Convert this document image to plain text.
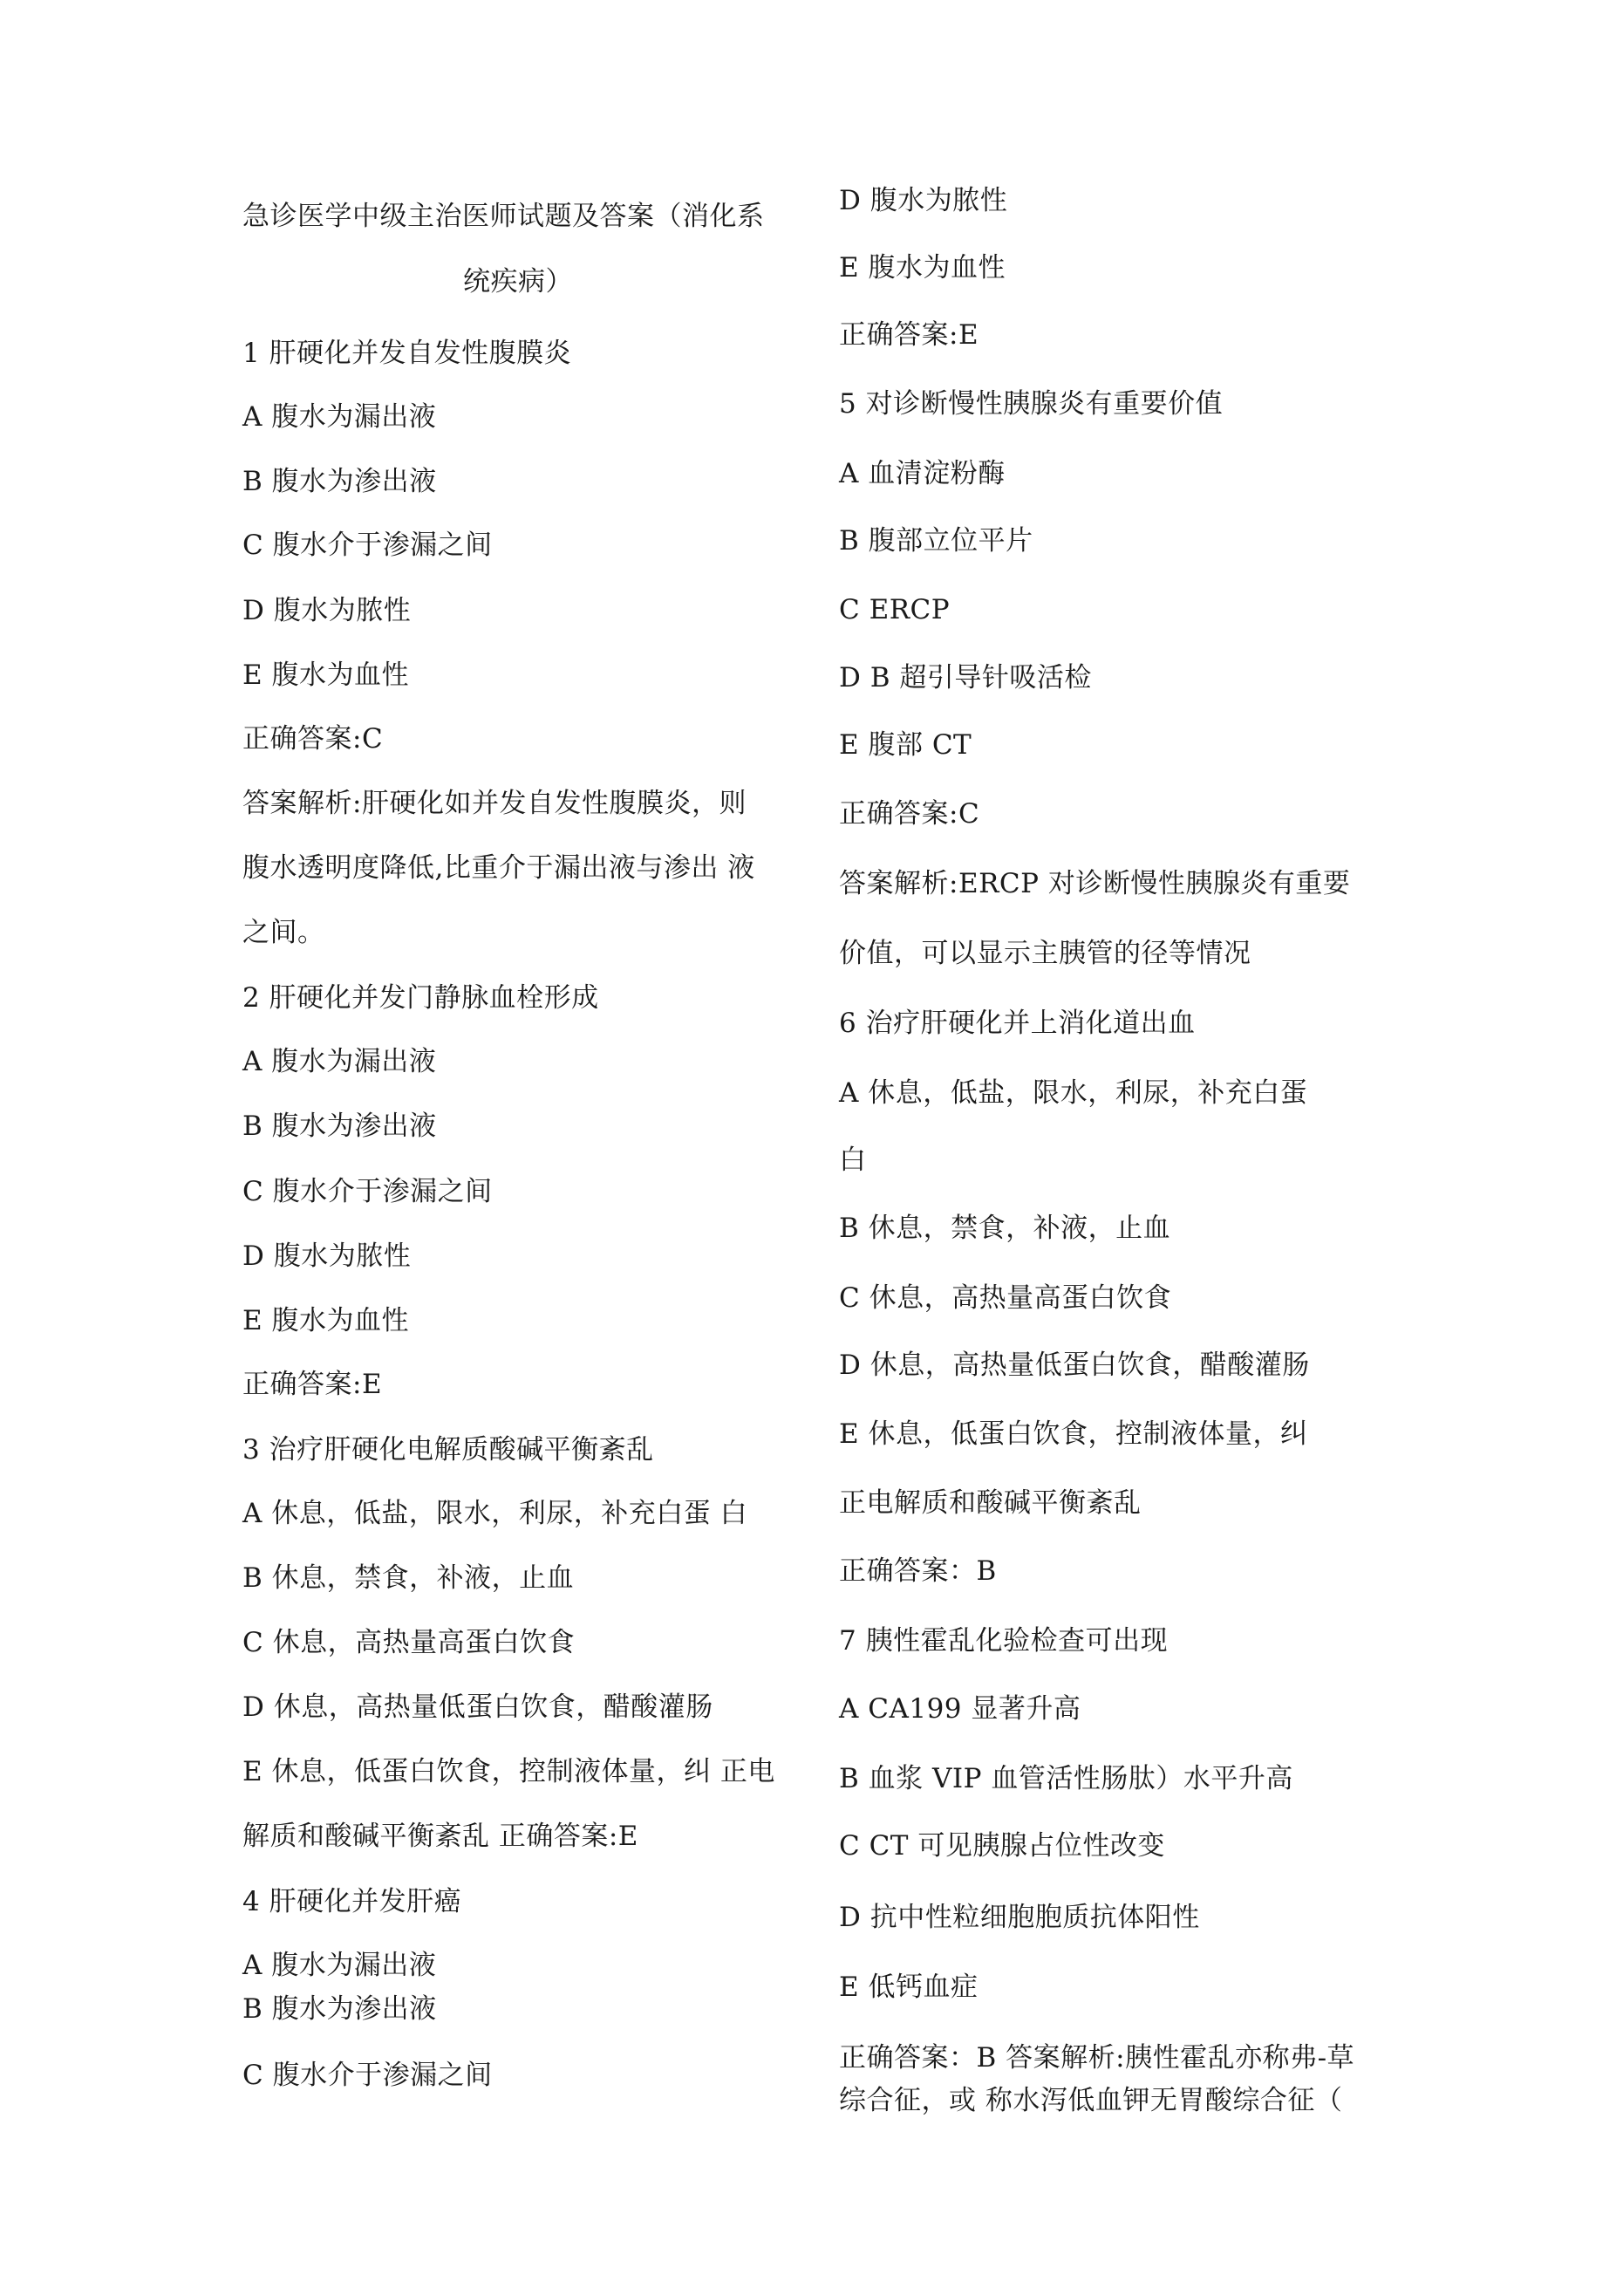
急诊医学中级主治医师试题及答案（消化系
统疾病）
1 肝硬化并发自发性腹膜炎
A 腹水为漏出液
B 腹水为渗出液
C 腹水介于渗漏之间
D 腹水为脓性
E 腹水为血性
正确答案:C
答案解析:肝硬化如并发自发性腹膜炎，则
腹水透明度降低,比重介于漏出液与渗出 液
之间。
2 肝硬化并发门静脉血栓形成
A 腹水为漏出液
B 腹水为渗出液
C 腹水介于渗漏之间
D 腹水为脓性
E 腹水为血性
正确答案:E
3 治疗肝硬化电解质酸碱平衡紊乱
A 休息，低盐，限水，利尿，补充白蛋 白
B 休息，禁食，补液，止血
C 休息，高热量高蛋白饮食
D 休息，高热量低蛋白饮食，醋酸灌肠
E 休息，低蛋白饮食，控制液体量，纠 正电
解质和酸碱平衡紊乱 正确答案:E
4 肝硬化并发肝癌
A 腹水为漏出液
B 腹水为渗出液
C 腹水介于渗漏之间
D 腹水为脓性
E 腹水为血性
正确答案:E
5 对诊断慢性胰腺炎有重要价值
A 血清淀粉酶
B 腹部立位平片
C ERCP
D B 超引导针吸活检
E 腹部 CT
正确答案:C
答案解析:ERCP 对诊断慢性胰腺炎有重要
价值，可以显示主胰管的径等情况
6 治疗肝硬化并上消化道出血
A 休息，低盐，限水，利尿，补充白蛋
白
B 休息，禁食，补液，止血
C 休息，高热量高蛋白饮食
D 休息，高热量低蛋白饮食，醋酸灌肠
E 休息，低蛋白饮食，控制液体量，纠
正电解质和酸碱平衡紊乱
正确答案：B
7 胰性霍乱化验检查可出现
A CA199 显著升高
B 血浆 VIP 血管活性肠肽）水平升高
C CT 可见胰腺占位性改变
D 抗中性粒细胞胞质抗体阳性
E 低钙血症
正确答案：B 答案解析:胰性霍乱亦称弗-草
综合征，或 称水泻低血钾无胃酸综合征（
